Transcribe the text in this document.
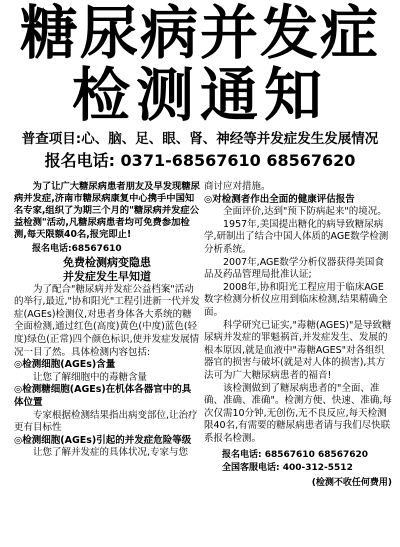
糖尿病并发症
检测通知
普查项目:心、脑、足、眼、肾、神经等并发症发生发展情况
报名电话: 0371-68567610 68567620

为了让广大糖尿病患者朋友及早发现糖尿病并发症,济南市糖尿病康复中心携手中国知名专家,组织了为期三个月的"糖尿病并发症公益检测"活动,凡糖尿病患者均可免费参加检测,每天限额40名,报完即止!

报名电话:68567610

免费检测病变隐患

并发症发生早知道

为了配合"糖尿病并发症公益档案"活动的举行,最近,"协和阳光"工程引进新一代并发症(AGEs)检测仪,对患者身体各大系统的糖全面检测,通过红色(高度)黄色(中度)蓝色(轻度)绿色(正常)四个颜色标识,使并发症发展情况一目了然。具体检测内容包括:

◎检测细胞(AGEs)含量

让您了解细胞中的毒糖含量

◎检测糖细胞(AGEs)在机体各器官中的具体位置

专家根据检测结果指出病变部位,让治疗更有目标性

◎检测细胞(AGEs)引起的并发症危险等级

让您了解并发症的具体状况,专家与您

商讨应对措施。

◎对检测者作出全面的健康评估报告

全面评价,达到"预下防病起来"的境况。

1957年,美国提出糖化的病导致糖尿病学,研制出了结合中国人体质的AGE数学检测分析系统。

2007年,AGE数学分析仪器获得美国食品及药品管理局批准认证;

2008年,协和阳光工程应用于临床AGE数字检测分析仪应用到临床检测,结果精确全面。

科学研究已证实,"毒糖(AGES)"是导致糖尿病并发症的罪魁祸首,并发症发生、发展的根本原因,就是血液中"毒糖AGES"对各组织器官的损害与破坏(就是对人体的损害),其方法可为广大糖尿病患者的福音!

该检测做到了糖尿病患者的"全面、准确、准确、准确"。检测方便、快速、准确,每次仅需10分钟,无创伤,无不良反应,每天检测限40名,有需要的糖尿病患者请与我们尽快联系报名检测。

报名电话: 68567610 68567620

全国客服电话: 400-312-5512

(检测不收任何费用)
